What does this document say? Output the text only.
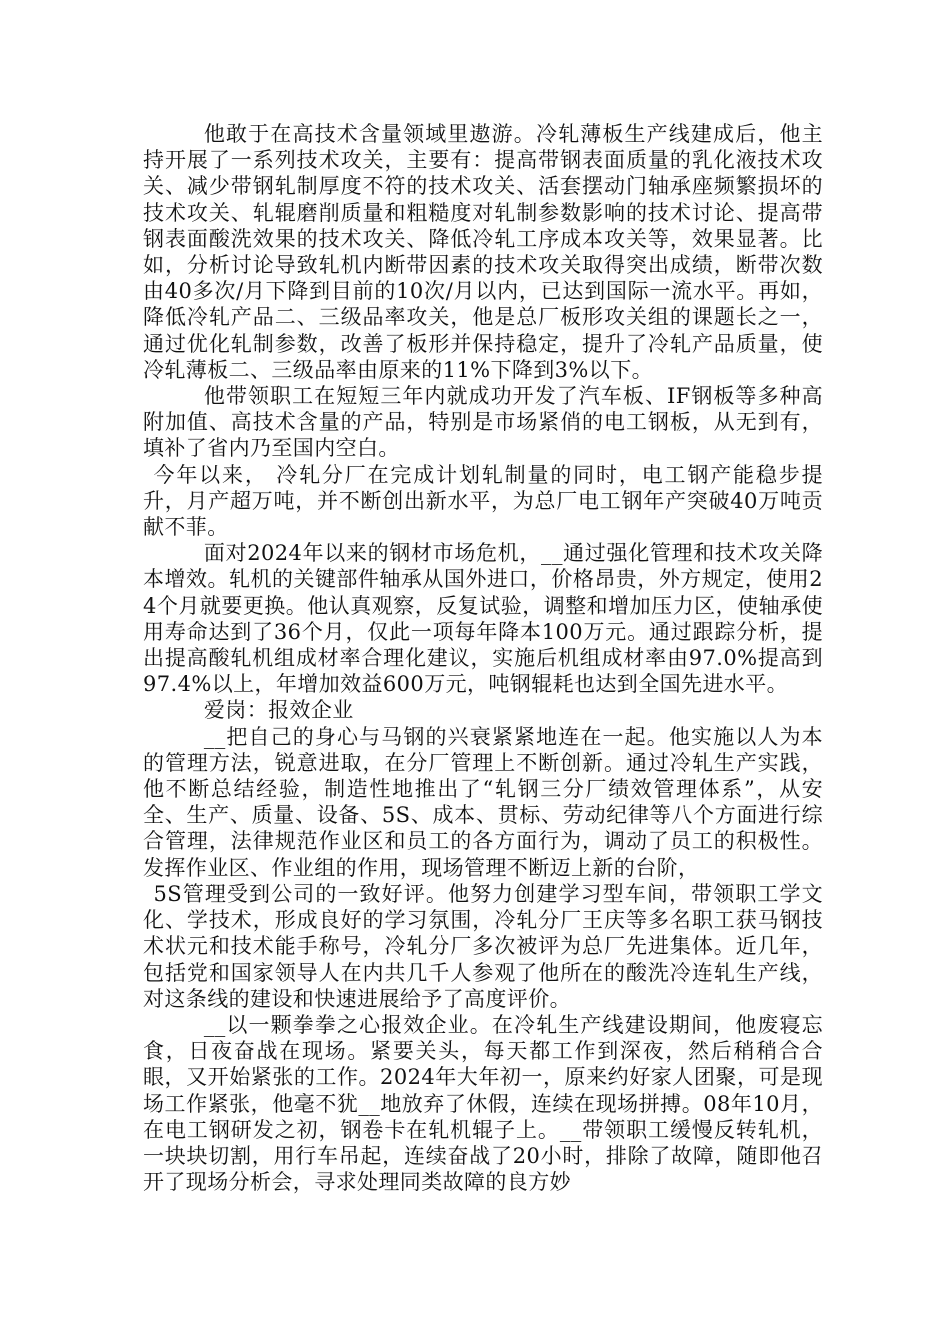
他敢于在高技术含量领域里遨游。冷轧薄板生产线建成后，他主持开展了一系列技术攻关，主要有：提高带钢表面质量的乳化液技术攻关、减少带钢轧制厚度不符的技术攻关、活套摆动门轴承座频繁损坏的技术攻关、轧辊磨削质量和粗糙度对轧制参数影响的技术讨论、提高带钢表面酸洗效果的技术攻关、降低冷轧工序成本攻关等，效果显著。比如，分析讨论导致轧机内断带因素的技术攻关取得突出成绩，断带次数由40多次/月下降到目前的10次/月以内，已达到国际一流水平。再如，降低冷轧产品二、三级品率攻关，他是总厂板形攻关组的课题长之一，通过优化轧制参数，改善了板形并保持稳定，提升了冷轧产品质量，使冷轧薄板二、三级品率由原来的11%下降到3%以下。

他带领职工在短短三年内就成功开发了汽车板、IF钢板等多种高附加值、高技术含量的产品，特别是市场紧俏的电工钢板，从无到有，填补了省内乃至国内空白。

今年以来， 冷轧分厂在完成计划轧制量的同时，电工钢产能稳步提升，月产超万吨，并不断创出新水平，为总厂电工钢年产突破40万吨贡献不菲。

面对2024年以来的钢材市场危机，__通过强化管理和技术攻关降本增效。轧机的关键部件轴承从国外进口，价格昂贵，外方规定，使用24个月就要更换。他认真观察，反复试验，调整和增加压力区，使轴承使用寿命达到了36个月，仅此一项每年降本100万元。通过跟踪分析，提出提高酸轧机组成材率合理化建议，实施后机组成材率由97.0%提高到97.4%以上，年增加效益600万元，吨钢辊耗也达到全国先进水平。

爱岗：报效企业

__把自己的身心与马钢的兴衰紧紧地连在一起。他实施以人为本的管理方法，锐意进取，在分厂管理上不断创新。通过冷轧生产实践，他不断总结经验，制造性地推出了“轧钢三分厂绩效管理体系”，从安全、生产、质量、设备、5S、成本、贯标、劳动纪律等八个方面进行综合管理，法律规范作业区和员工的各方面行为，调动了员工的积极性。发挥作业区、作业组的作用，现场管理不断迈上新的台阶，

5S管理受到公司的一致好评。他努力创建学习型车间，带领职工学文化、学技术，形成良好的学习氛围，冷轧分厂王庆等多名职工获马钢技术状元和技术能手称号，冷轧分厂多次被评为总厂先进集体。近几年，包括党和国家领导人在内共几千人参观了他所在的酸洗冷连轧生产线，对这条线的建设和快速进展给予了高度评价。

__以一颗拳拳之心报效企业。在冷轧生产线建设期间，他废寝忘食，日夜奋战在现场。紧要关头，每天都工作到深夜，然后稍稍合合眼，又开始紧张的工作。2024年大年初一，原来约好家人团聚，可是现场工作紧张，他毫不犹__地放弃了休假，连续在现场拼搏。08年10月，在电工钢研发之初，钢卷卡在轧机辊子上。__带领职工缓慢反转轧机，一块块切割，用行车吊起，连续奋战了20小时，排除了故障，随即他召开了现场分析会，寻求处理同类故障的良方妙
